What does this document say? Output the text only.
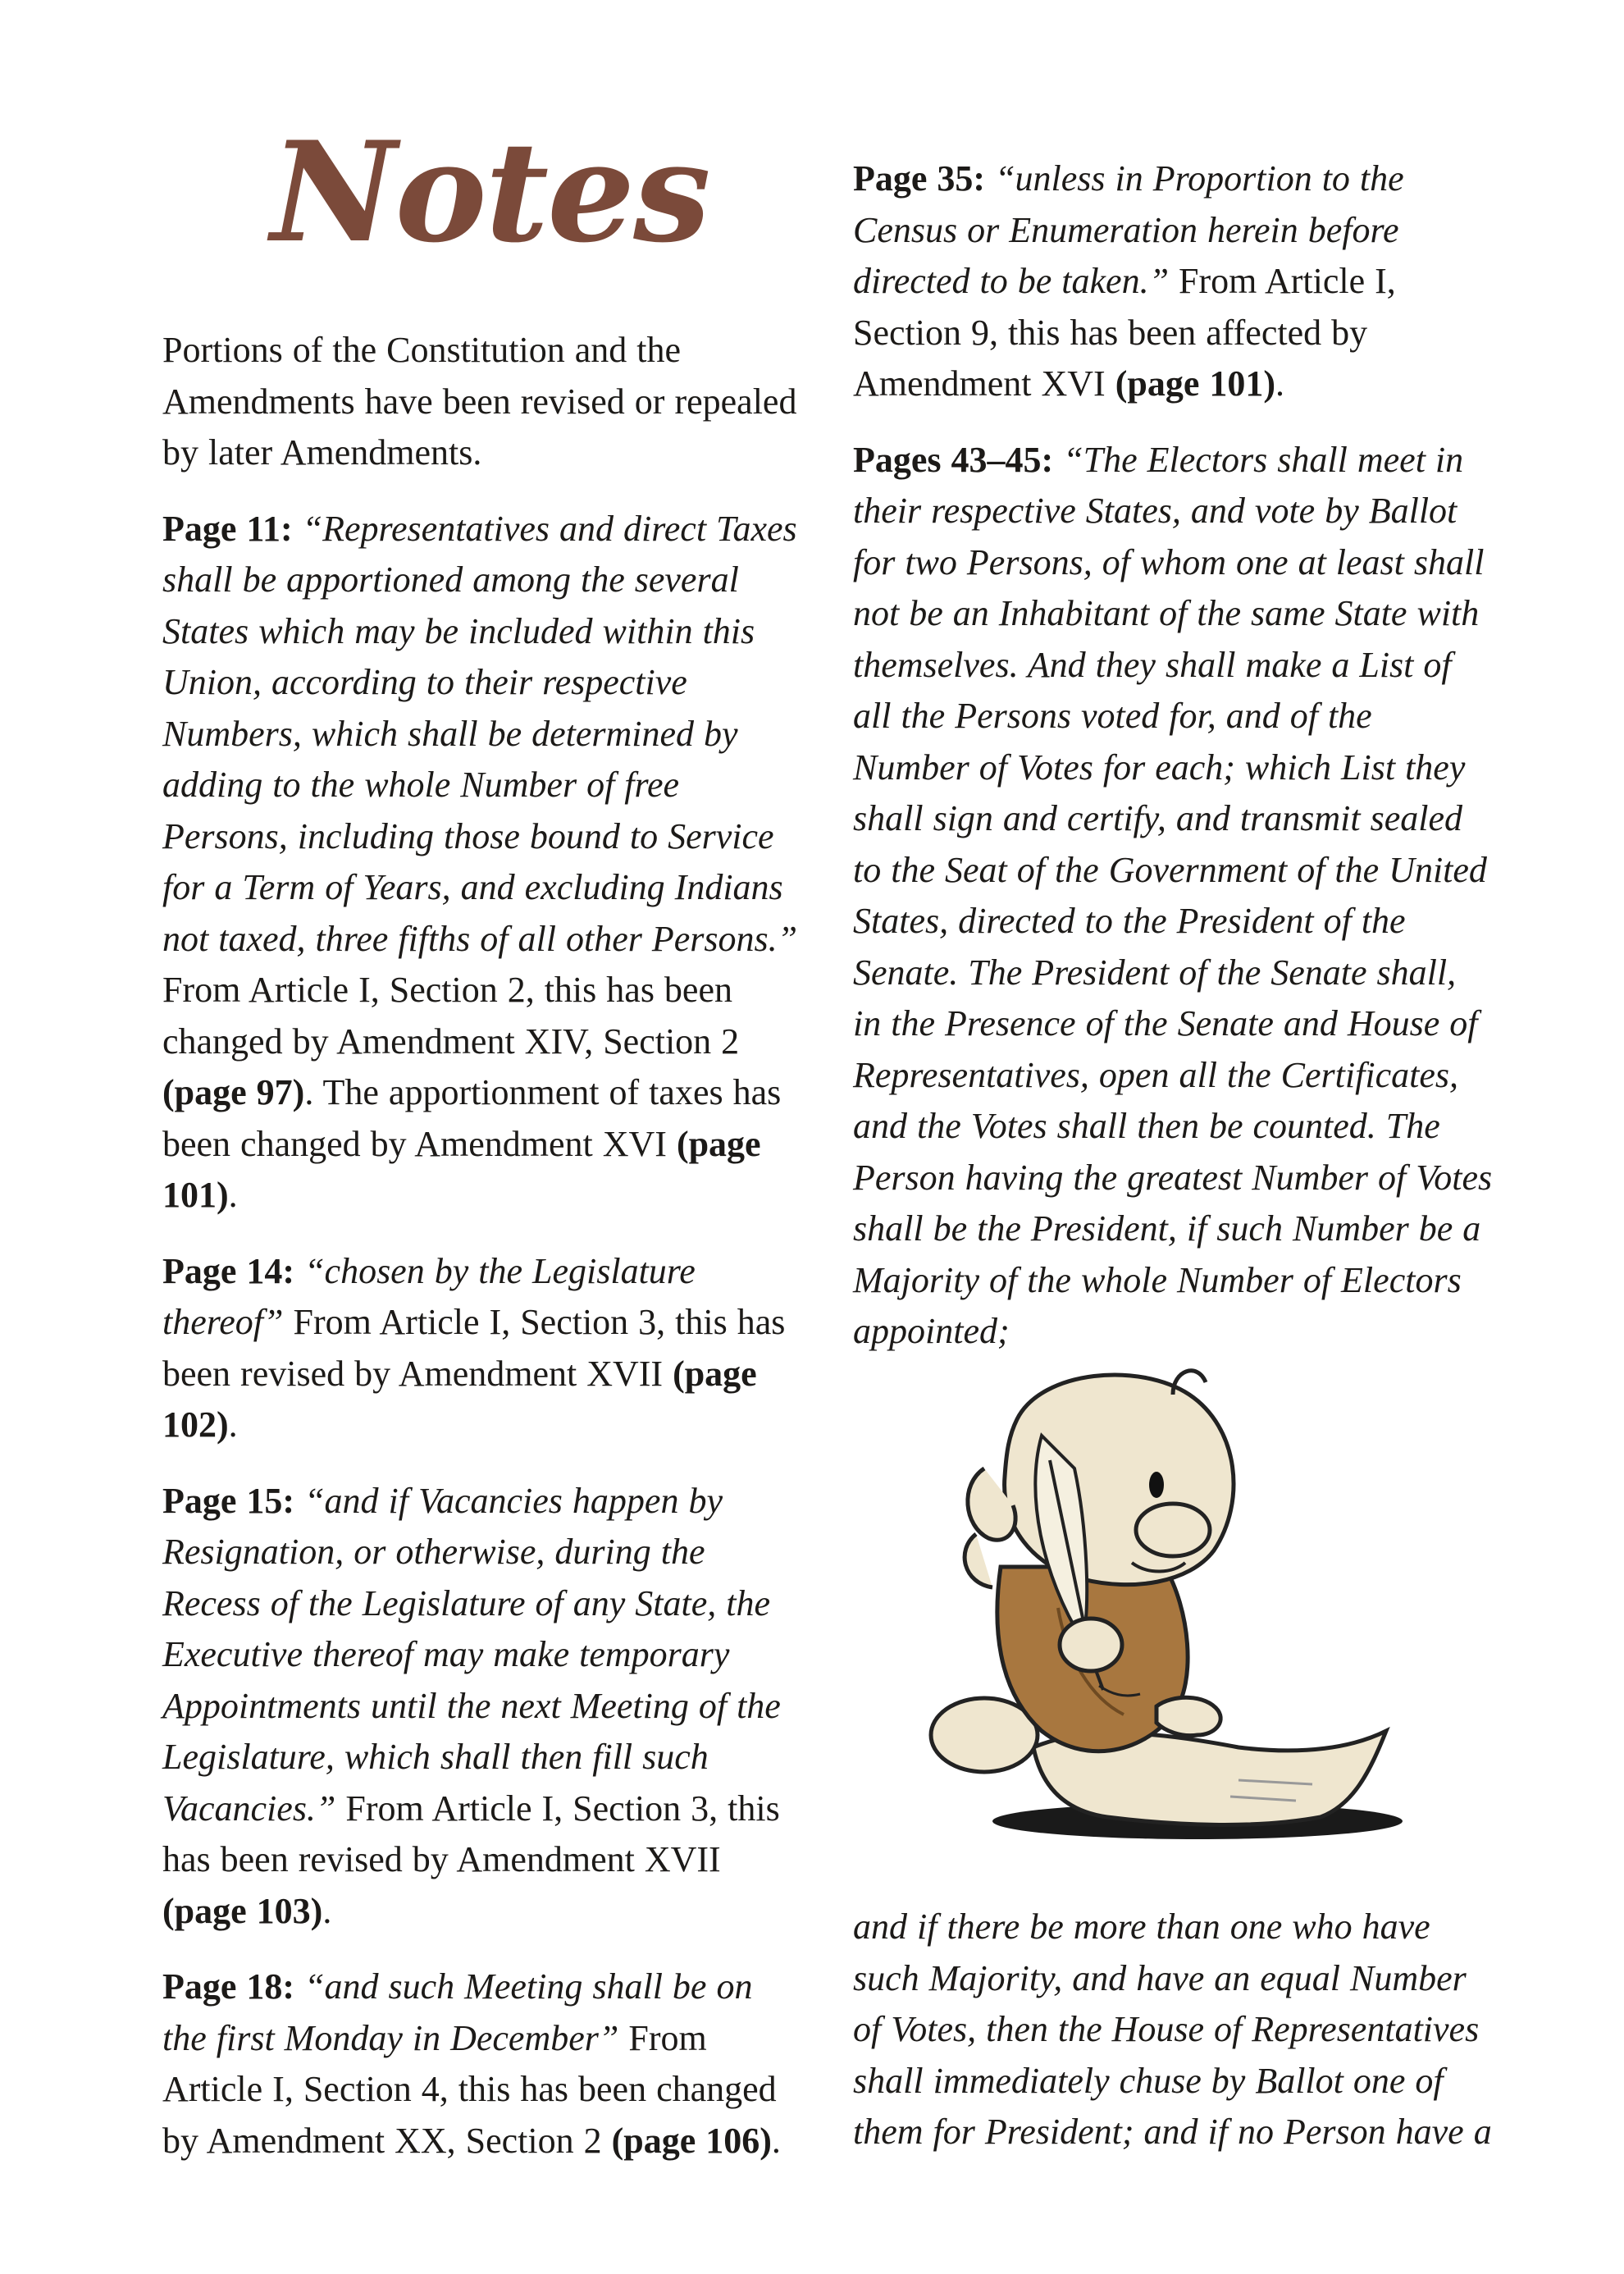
Notes

Portions of the Constitution and the Amendments have been revised or repealed by later Amendments.

Page 11: “Representatives and direct Taxes shall be apportioned among the several States which may be included within this Union, according to their respective Numbers, which shall be determined by adding to the whole Number of free Persons, including those bound to Service for a Term of Years, and excluding Indians not taxed, three fifths of all other Persons.” From Article I, Section 2, this has been changed by Amendment XIV, Section 2 (page 97). The apportionment of taxes has been changed by Amendment XVI (page 101).

Page 14: “chosen by the Legislature thereof” From Article I, Section 3, this has been revised by Amendment XVII (page 102).

Page 15: “and if Vacancies happen by Resignation, or otherwise, during the Recess of the Legislature of any State, the Executive thereof may make temporary Appointments until the next Meeting of the Legislature, which shall then fill such Vacancies.” From Article I, Section 3, this has been revised by Amendment XVII (page 103).

Page 18: “and such Meeting shall be on the first Monday in December” From Article I, Section 4, this has been changed by Amendment XX, Section 2 (page 106).

Page 35: “unless in Proportion to the Census or Enumeration herein before directed to be taken.” From Article I, Section 9, this has been affected by Amendment XVI (page 101).

Pages 43–45: “The Electors shall meet in their respective States, and vote by Ballot for two Persons, of whom one at least shall not be an Inhabitant of the same State with themselves. And they shall make a List of all the Persons voted for, and of the Number of Votes for each; which List they shall sign and certify, and transmit sealed to the Seat of the Government of the United States, directed to the President of the Senate. The President of the Senate shall, in the Presence of the Senate and House of Representatives, open all the Certificates, and the Votes shall then be counted. The Person having the greatest Number of Votes shall be the President, if such Number be a Majority of the whole Number of Electors appointed;

and if there be more than one who have such Majority, and have an equal Number of Votes, then the House of Representatives shall immediately chuse by Ballot one of them for President; and if no Person have a
